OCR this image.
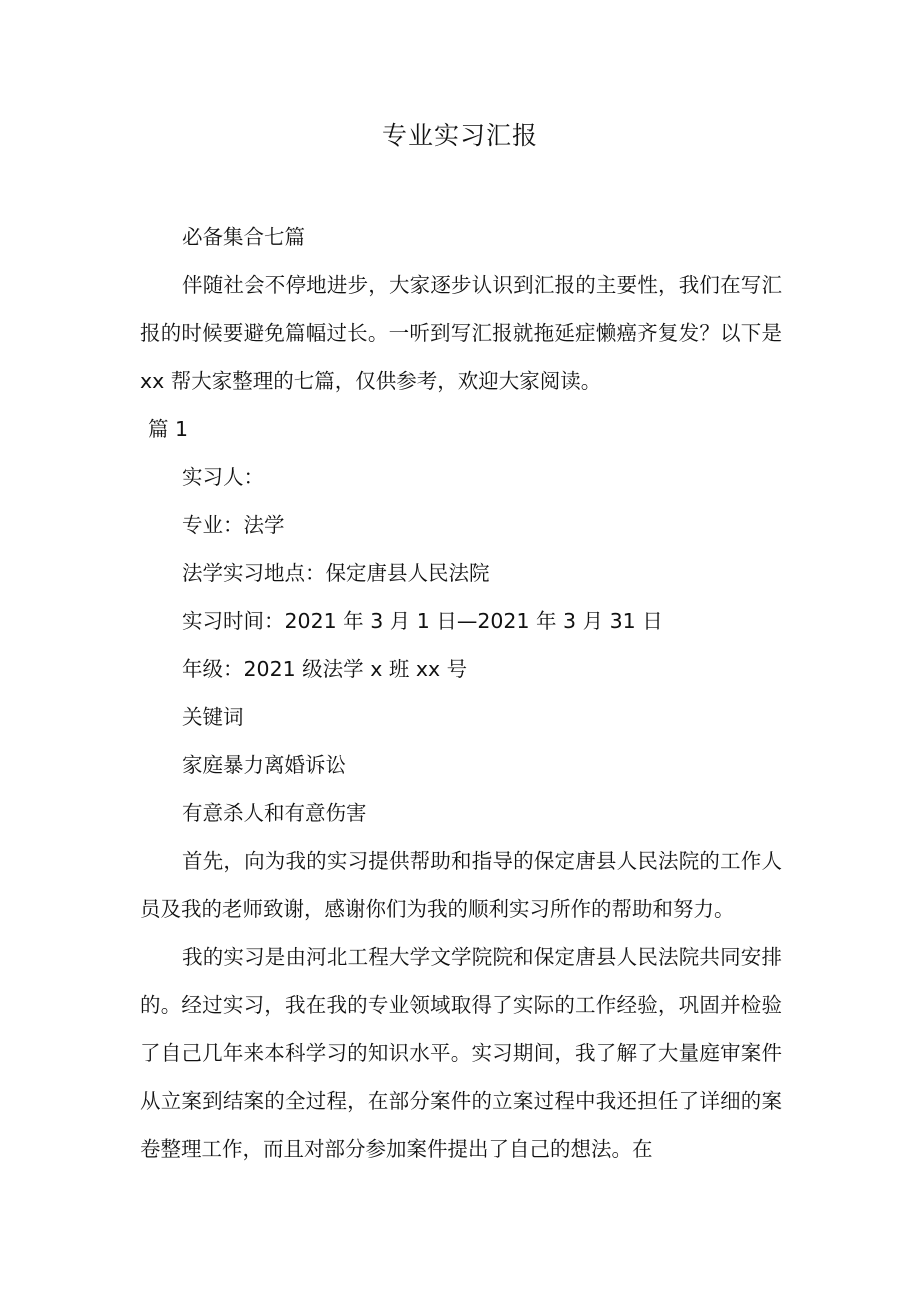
专业实习汇报

必备集合七篇

伴随社会不停地进步，大家逐步认识到汇报的主要性，我们在写汇报的时候要避免篇幅过长。一听到写汇报就拖延症懒癌齐复发？以下是 xx 帮大家整理的七篇，仅供参考，欢迎大家阅读。

篇 1

实习人：

专业：法学

法学实习地点：保定唐县人民法院

实习时间：2021 年 3 月 1 日—2021 年 3 月 31 日

年级：2021 级法学 x 班 xx 号

关键词

家庭暴力离婚诉讼

有意杀人和有意伤害

首先，向为我的实习提供帮助和指导的保定唐县人民法院的工作人员及我的老师致谢，感谢你们为我的顺利实习所作的帮助和努力。

我的实习是由河北工程大学文学院院和保定唐县人民法院共同安排的。经过实习，我在我的专业领域取得了实际的工作经验，巩固并检验了自己几年来本科学习的知识水平。实习期间，我了解了大量庭审案件从立案到结案的全过程，在部分案件的立案过程中我还担任了详细的案卷整理工作，而且对部分参加案件提出了自己的想法。在
